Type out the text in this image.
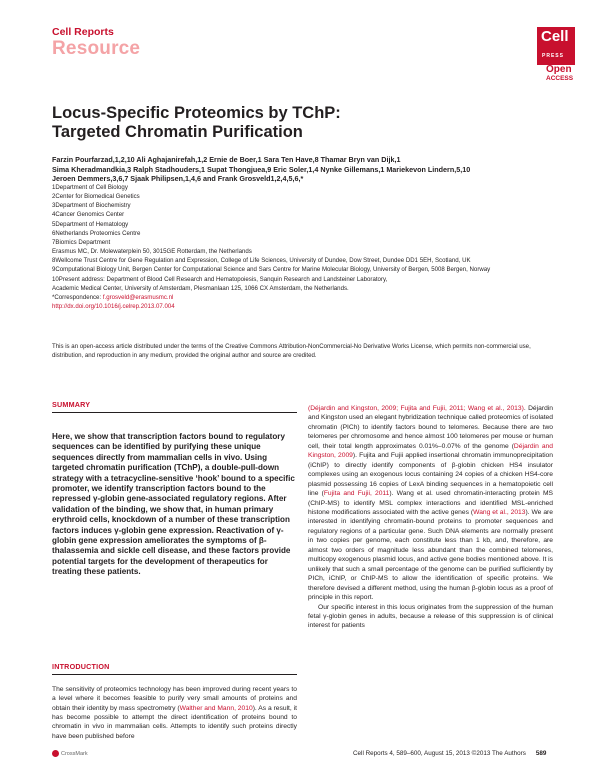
Cell Reports
Resource
Cell
PRESS
Open
ACCESS
Locus-Specific Proteomics by TChP:
Targeted Chromatin Purification
Farzin Pourfarzad,1,2,10 Ali Aghajanirefah,1,2 Ernie de Boer,1 Sara Ten Have,8 Thamar Bryn van Dijk,1
Sima Kheradmandkia,3 Ralph Stadhouders,1 Supat Thongjuea,9 Eric Soler,1,4 Nynke Gillemans,1 Mariekevon Lindern,5,10
Jeroen Demmers,3,6,7 Sjaak Philipsen,1,4,6 and Frank Grosveld1,2,4,5,6,*
1Department of Cell Biology
2Center for Biomedical Genetics
3Department of Biochemistry
4Cancer Genomics Center
5Department of Hematology
6Netherlands Proteomics Centre
7Biomics Department
Erasmus MC, Dr. Molewaterplein 50, 3015GE Rotterdam, the Netherlands
8Wellcome Trust Centre for Gene Regulation and Expression, College of Life Sciences, University of Dundee, Dow Street, Dundee DD1 5EH, Scotland, UK
9Computational Biology Unit, Bergen Center for Computational Science and Sars Centre for Marine Molecular Biology, University of Bergen, 5008 Bergen, Norway
10Present address: Department of Blood Cell Research and Hematopoiesis, Sanquin Research and Landsteiner Laboratory,
Academic Medical Center, University of Amsterdam, Plesmanlaan 125, 1066 CX Amsterdam, the Netherlands.
*Correspondence: f.grosveld@erasmusmc.nl
http://dx.doi.org/10.1016/j.celrep.2013.07.004
This is an open-access article distributed under the terms of the Creative Commons Attribution-NonCommercial-No Derivative Works License, which permits non-commercial use, distribution, and reproduction in any medium, provided the original author and source are credited.
SUMMARY
Here, we show that transcription factors bound to regulatory sequences can be identified by purifying these unique sequences directly from mammalian cells in vivo. Using targeted chromatin purification (TChP), a double-pull-down strategy with a tetracycline-sensitive ‘hook’ bound to a specific promoter, we identify transcription factors bound to the repressed γ-globin gene-associated regulatory regions. After validation of the binding, we show that, in human primary erythroid cells, knockdown of a number of these transcription factors induces γ-globin gene expression. Reactivation of γ-globin gene expression ameliorates the symptoms of β-thalassemia and sickle cell disease, and these factors provide potential targets for the development of therapeutics for treating these patients.
INTRODUCTION
The sensitivity of proteomics technology has been improved during recent years to a level where it becomes feasible to purify very small amounts of proteins and obtain their identity by mass spectrometry (Walther and Mann, 2010). As a result, it has become possible to attempt the direct identification of proteins bound to chromatin in vivo in mammalian cells. Attempts to identify such proteins directly have been published before

(Déjardin and Kingston, 2009; Fujita and Fujii, 2011; Wang et al., 2013). Déjardin and Kingston used an elegant hybridization technique called proteomics of isolated chromatin (PICh) to identify factors bound to telomeres. Because there are two telomeres per chromosome and hence almost 100 telomeres per mouse or human cell, their total length approximates 0.01%–0.07% of the genome (Déjardin and Kingston, 2009). Fujita and Fujii applied insertional chromatin immunoprecipitation (iChIP) to directly identify components of β-globin chicken HS4 insulator complexes using an exogenous locus containing 24 copies of a chicken HS4-core plasmid possessing 16 copies of LexA binding sequences in a hematopoietic cell line (Fujita and Fujii, 2011). Wang et al. used chromatin-interacting protein MS (ChIP-MS) to identify MSL complex interactions and identified MSL-enriched histone modifications associated with the active genes (Wang et al., 2013). We are interested in identifying chromatin-bound proteins to promoter sequences and regulatory regions of a particular gene. Such DNA elements are normally present in two copies per genome, each constitute less than 1 kb, and, therefore, are almost two orders of magnitude less abundant than the combined telomeres, multicopy exogenous plasmid locus, and active gene bodies mentioned above. It is unlikely that such a small percentage of the genome can be purified sufficiently by PICh, iChIP, or ChIP-MS to allow the identification of specific proteins. We therefore devised a different method, using the human β-globin locus as a proof of principle in this report.

Our specific interest in this locus originates from the suppression of the human fetal γ-globin genes in adults, because a release of this suppression is of clinical interest for patients

CrossMark	Cell Reports 4, 589–600, August 15, 2013 ©2013 The Authors 589
